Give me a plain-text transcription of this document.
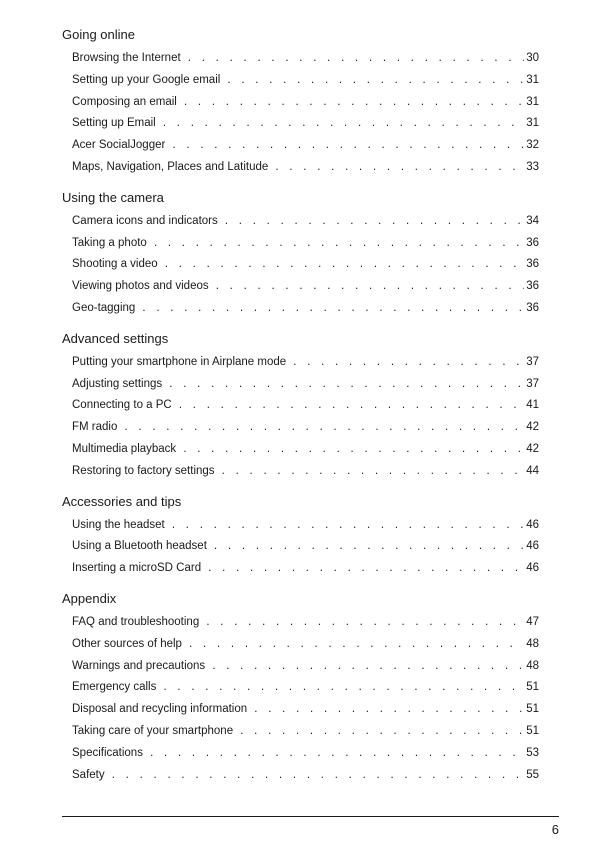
Going online
Browsing the Internet . . .	30
Setting up your Google email . . .	31
Composing an email . . .	31
Setting up Email . . .	31
Acer SocialJogger . . .	32
Maps, Navigation, Places and Latitude . . .	33
Using the camera
Camera icons and indicators . . .	34
Taking a photo . . .	36
Shooting a video . . .	36
Viewing photos and videos . . .	36
Geo-tagging . . .	36
Advanced settings
Putting your smartphone in Airplane mode . . .	37
Adjusting settings . . .	37
Connecting to a PC . . .	41
FM radio . . .	42
Multimedia playback . . .	42
Restoring to factory settings . . .	44
Accessories and tips
Using the headset . . .	46
Using a Bluetooth headset . . .	46
Inserting a microSD Card . . .	46
Appendix
FAQ and troubleshooting . . .	47
Other sources of help . . .	48
Warnings and precautions . . .	48
Emergency calls . . .	51
Disposal and recycling information . . .	51
Taking care of your smartphone . . .	51
Specifications . . .	53
Safety . . .	55
6
